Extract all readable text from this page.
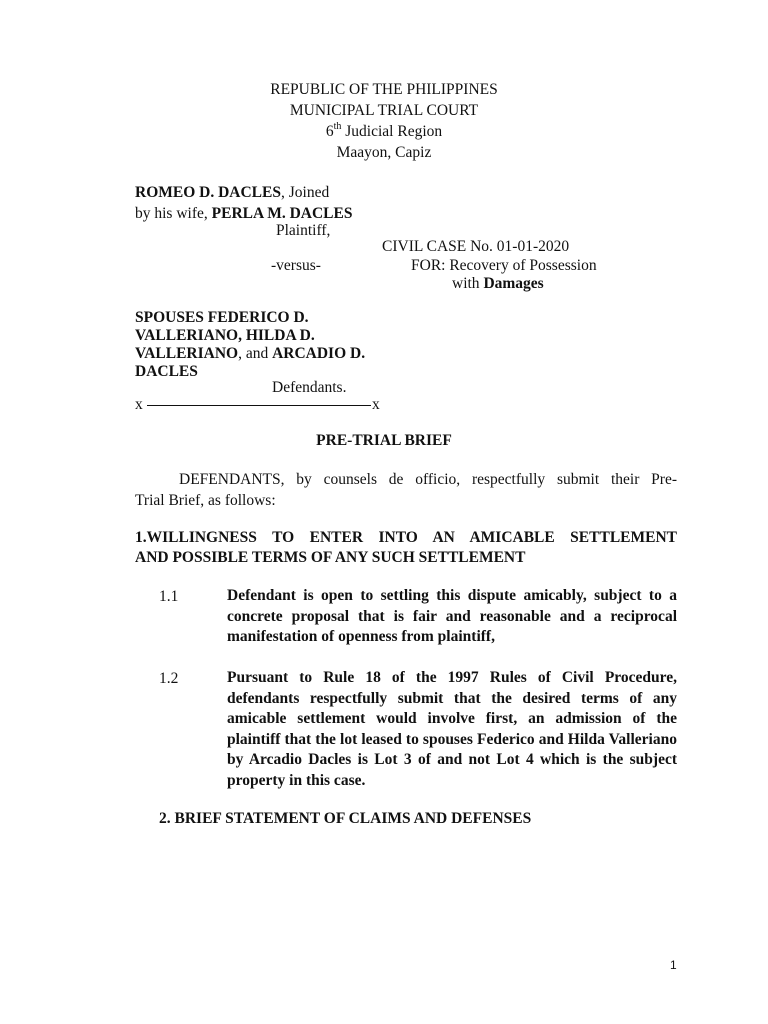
REPUBLIC OF THE PHILIPPINES
MUNICIPAL TRIAL COURT
6th Judicial Region
Maayon, Capiz
ROMEO D. DACLES, Joined
by his wife, PERLA M. DACLES
Plaintiff,
CIVIL CASE No. 01-01-2020
-versus-	FOR: Recovery of Possession
with Damages
SPOUSES FEDERICO D.
VALLERIANO, HILDA D.
VALLERIANO, and ARCADIO D.
DACLES
Defendants.
x	x
PRE-TRIAL BRIEF
DEFENDANTS, by counsels de officio, respectfully submit their Pre-
Trial Brief, as follows:
1.WILLINGNESS TO ENTER INTO AN AMICABLE SETTLEMENT
AND POSSIBLE TERMS OF ANY SUCH SETTLEMENT
1.1	Defendant is open to settling this dispute amicably, subject to a concrete proposal that is fair and reasonable and a reciprocal manifestation of openness from plaintiff,
1.2	Pursuant to Rule 18 of the 1997 Rules of Civil Procedure, defendants respectfully submit that the desired terms of any amicable settlement would involve first, an admission of the plaintiff that the lot leased to spouses Federico and Hilda Valleriano by Arcadio Dacles is Lot 3 of and not Lot 4 which is the subject property in this case.
2. BRIEF STATEMENT OF CLAIMS AND DEFENSES
1
